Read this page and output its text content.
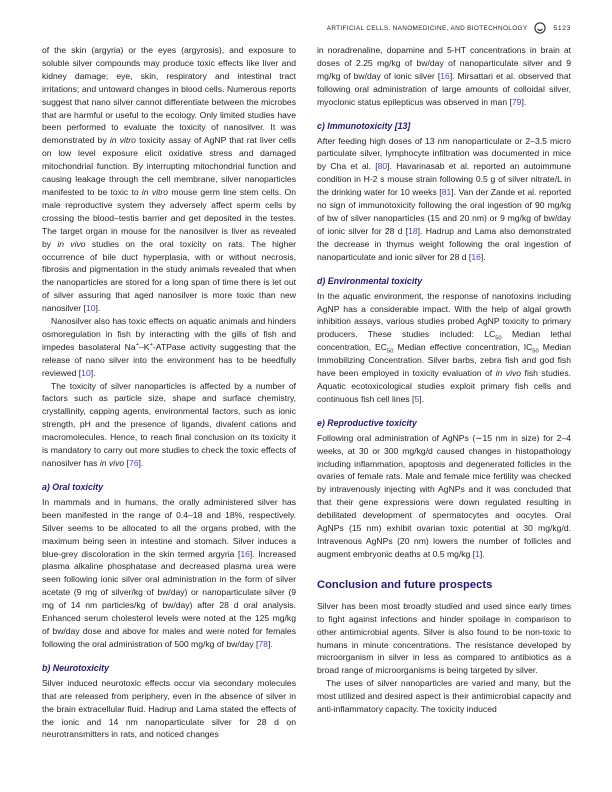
ARTIFICIAL CELLS, NANOMEDICINE, AND BIOTECHNOLOGY	5123

of the skin (argyria) or the eyes (argyrosis), and exposure to soluble silver compounds may produce toxic effects like liver and kidney damage; eye, skin, respiratory and intestinal tract irritations; and untoward changes in blood cells. Numerous reports suggest that nano silver cannot differentiate between the microbes that are harmful or useful to the ecology. Only limited studies have been performed to evaluate the toxicity of nanosilver. It was demonstrated by in vitro toxicity assay of AgNP that rat liver cells on low level exposure elicit oxidative stress and damaged mitochondrial function. By interrupting mitochondrial function and causing leakage through the cell membrane, silver nanoparticles manifested to be toxic to in vitro mouse germ line stem cells. On male reproductive system they adversely affect sperm cells by crossing the blood–testis barrier and get deposited in the testes. The target organ in mouse for the nanosilver is liver as revealed by in vivo studies on the oral toxicity on rats. The higher occurrence of bile duct hyperplasia, with or without necrosis, fibrosis and pigmentation in the study animals revealed that when the nanoparticles are stored for a long span of time there is let out of silver assuring that aged nanosilver is more toxic than new nanosilver [10].

Nanosilver also has toxic effects on aquatic animals and hinders osmoregulation in fish by interacting with the gills of fish and impedes basolateral Na+–K+-ATPase activity suggesting that the release of nano silver into the environment has to be heedfully reviewed [10].

The toxicity of silver nanoparticles is affected by a number of factors such as particle size, shape and surface chemistry, crystallinity, capping agents, environmental factors, such as ionic strength, pH and the presence of ligands, divalent cations and macromolecules. Hence, to reach final conclusion on its toxicity it is mandatory to carry out more studies to check the toxic effects of nanosilver has in vivo [76].

a) Oral toxicity

In mammals and in humans, the orally administered silver has been manifested in the range of 0.4–18 and 18%, respectively. Silver seems to be allocated to all the organs probed, with the maximum being seen in intestine and stomach. Silver induces a blue-grey discoloration in the skin termed argyria [16]. Increased plasma alkaline phosphatase and decreased plasma urea were seen following ionic silver oral administration in the form of silver acetate (9 mg of silver/kg of bw/day) or nanoparticulate silver (9 mg of 14 nm particles/kg of bw/day) after 28 d oral analysis. Enhanced serum cholesterol levels were noted at the 125 mg/kg of bw/day dose and above for males and were noted for females following the oral administration of 500 mg/kg of bw/day [78].

b) Neurotoxicity

Silver induced neurotoxic effects occur via secondary molecules that are released from periphery, even in the absence of silver in the brain extracellular fluid. Hadrup and Lama stated the effects of the ionic and 14 nm nanoparticulate silver for 28 d on neurotransmitters in rats, and noticed changes

in noradrenaline, dopamine and 5-HT concentrations in brain at doses of 2.25 mg/kg of bw/day of nanoparticulate silver and 9 mg/kg of bw/day of ionic silver [16]. Mirsattari et al. observed that following oral administration of large amounts of colloidal silver, myoclonic status epilepticus was observed in man [79].

c) Immunotoxicity [13]

After feeding high doses of 13 nm nanoparticulate or 2–3.5 micro particulate silver, lymphocyte infiltration was documented in mice by Cha et al. [80]. Havarinasab et al. reported an autoimmune condition in H-2 s mouse strain following 0.5 g of silver nitrate/L in the drinking water for 10 weeks [81]. Van der Zande et al. reported no sign of immunotoxicity following the oral ingestion of 90 mg/kg of bw of silver nanoparticles (15 and 20 nm) or 9 mg/kg of bw/day of ionic silver for 28 d [18]. Hadrup and Lama also demonstrated the decrease in thymus weight following the oral ingestion of nanoparticulate and ionic silver for 28 d [16].

d) Environmental toxicity

In the aquatic environment, the response of nanotoxins including AgNP has a considerable impact. With the help of algal growth inhibition assays, various studies probed AgNP toxicity to primary producers. These studies included: $LC_{50}$ Median lethal concentration, $EC_{50}$ Median effective concentration, $IC_{50}$ Median Immobilizing Concentration. Silver barbs, zebra fish and god fish have been employed in toxicity evaluation of in vivo fish studies. Aquatic ecotoxicological studies exploit primary fish cells and continuous fish cell lines [5].

e) Reproductive toxicity

Following oral administration of AgNPs (∼15 nm in size) for 2–4 weeks, at 30 or 300 mg/kg/d caused changes in histopathology including inflammation, apoptosis and degenerated follicles in the ovaries of female rats. Male and female mice fertility was checked by intravenously injecting with AgNPs and it was concluded that that their gene expressions were down regulated resulting in debilitated development of spermatocytes and oocytes. Oral AgNPs (15 nm) exhibit ovarian toxic potential at 30 mg/kg/d. Intravenous AgNPs (20 nm) lowers the number of follicles and augment embryonic deaths at 0.5 mg/kg [1].

Conclusion and future prospects

Silver has been most broadly studied and used since early times to fight against infections and hinder spoilage in comparison to other antimicrobial agents. Silver is also found to be non-toxic to humans in minute concentrations. The resistance developed by microorganism in silver in less as compared to antibiotics as a broad range of microorganisms is being targeted by silver.

The uses of silver nanoparticles are varied and many, but the most utilized and desired aspect is their antimicrobial capacity and anti-inflammatory capacity. The toxicity induced
